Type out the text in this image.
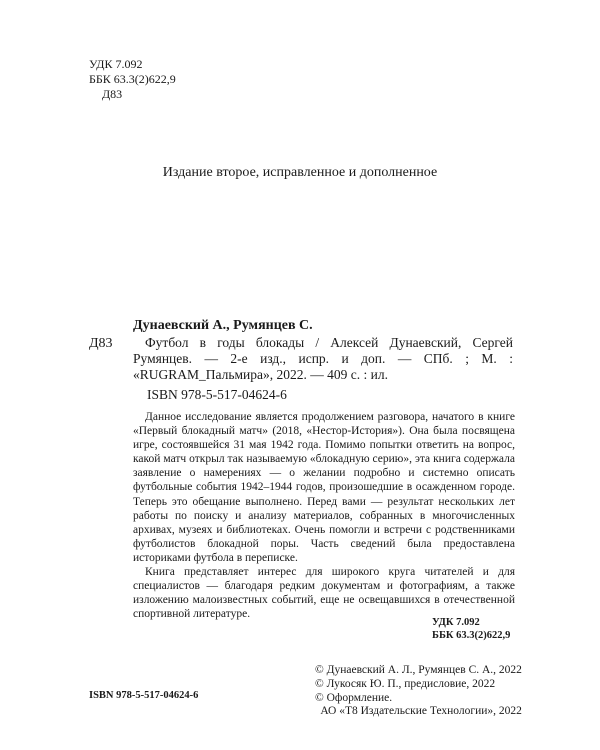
УДК 7.092
ББК 63.3(2)622,9
Д83
Издание второе, исправленное и дополненное
Дунаевский А., Румянцев С.
Д83	Футбол в годы блокады / Алексей Дунаевский, Сергей Румянцев. — 2-е изд., испр. и доп. — СПб. ; М. : «RUGRAM_Пальмира», 2022. — 409 с. : ил.
ISBN 978-5-517-04624-6

Данное исследование является продолжением разговора, начатого в книге «Первый блокадный матч» (2018, «Нестор-История»). Она была посвящена игре, состоявшейся 31 мая 1942 года. Помимо попытки ответить на вопрос, какой матч открыл так называемую «блокадную серию», эта книга содержала заявление о намерениях — о желании подробно и системно описать футбольные события 1942–1944 годов, произошедшие в осажденном городе. Теперь это обещание выполнено. Перед вами — результат нескольких лет работы по поиску и анализу материалов, собранных в многочисленных архивах, музеях и библиотеках. Очень помогли и встречи с родственниками футболистов блокадной поры. Часть сведений была предоставлена историками футбола в переписке.

Книга представляет интерес для широкого круга читателей и для специалистов — благодаря редким документам и фотографиям, а также изложению малоизвестных событий, еще не освещавшихся в отечественной спортивной литературе.

УДК 7.092
ББК 63.3(2)622,9
© Дунаевский А. Л., Румянцев С. А., 2022
© Лукосяк Ю. П., предисловие, 2022
© Оформление.
АО «Т8 Издательские Технологии», 2022
ISBN 978-5-517-04624-6
